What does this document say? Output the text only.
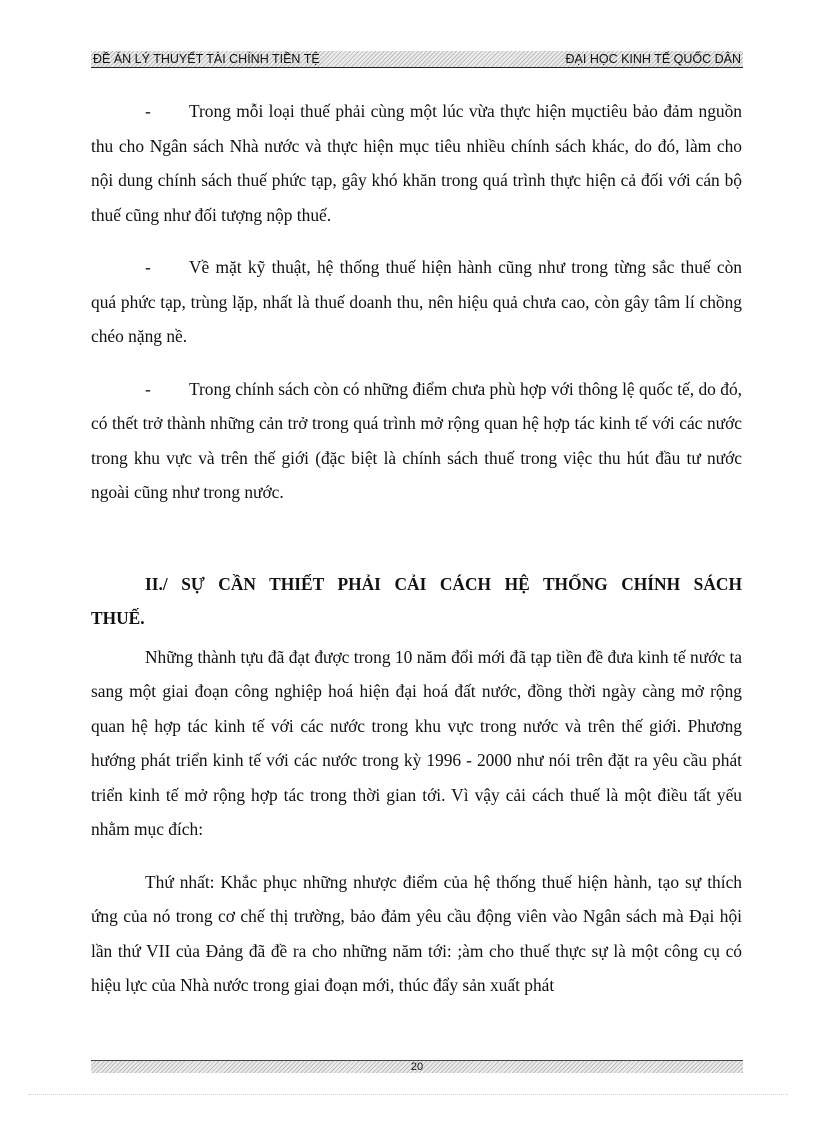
ĐỀ ÁN LÝ THUYẾT TÀI CHÍNH TIỀN TỆ	ĐẠI HỌC KINH TẾ QUỐC DÂN

- Trong mỗi loại thuế phải cùng một lúc vừa thực hiện mụctiêu bảo đảm nguồn thu cho Ngân sách Nhà nước và thực hiện mục tiêu nhiều chính sách khác, do đó, làm cho nội dung chính sách thuế phức tạp, gây khó khăn trong quá trình thực hiện cả đối với cán bộ thuế cũng như đối tượng nộp thuế.

- Về mặt kỹ thuật, hệ thống thuế hiện hành cũng như trong từng sắc thuế còn quá phức tạp, trùng lặp, nhất là thuế doanh thu, nên hiệu quả chưa cao, còn gây tâm lí chồng chéo nặng nề.

- Trong chính sách còn có những điểm chưa phù hợp với thông lệ quốc tế, do đó, có thết trở thành những cản trở trong quá trình mở rộng quan hệ hợp tác kinh tế với các nước trong khu vực và trên thế giới (đặc biệt là chính sách thuế trong việc thu hút đầu tư nước ngoài cũng như trong nước.

II./ SỰ CẦN THIẾT PHẢI CẢI CÁCH HỆ THỐNG CHÍNH SÁCH THUẾ.

Những thành tựu đã đạt được trong 10 năm đổi mới đã tạp tiền đề đưa kinh tế nước ta sang một giai đoạn công nghiệp hoá hiện đại hoá đất nước, đồng thời ngày càng mở rộng quan hệ hợp tác kinh tế với các nước trong khu vực trong nước và trên thế giới. Phương hướng phát triển kinh tế với các nước trong kỳ 1996 - 2000 như nói trên đặt ra yêu cầu phát triển kinh tế mở rộng hợp tác trong thời gian tới. Vì vậy cải cách thuế là một điều tất yếu nhằm mục đích:

Thứ nhất: Khắc phục những nhược điểm của hệ thống thuế hiện hành, tạo sự thích ứng của nó trong cơ chế thị trường, bảo đảm yêu cầu động viên vào Ngân sách mà Đại hội lần thứ VII của Đảng đã đề ra cho những năm tới: ;àm cho thuế thực sự là một công cụ có hiệu lực của Nhà nước trong giai đoạn mới, thúc đẩy sản xuất phát

20
